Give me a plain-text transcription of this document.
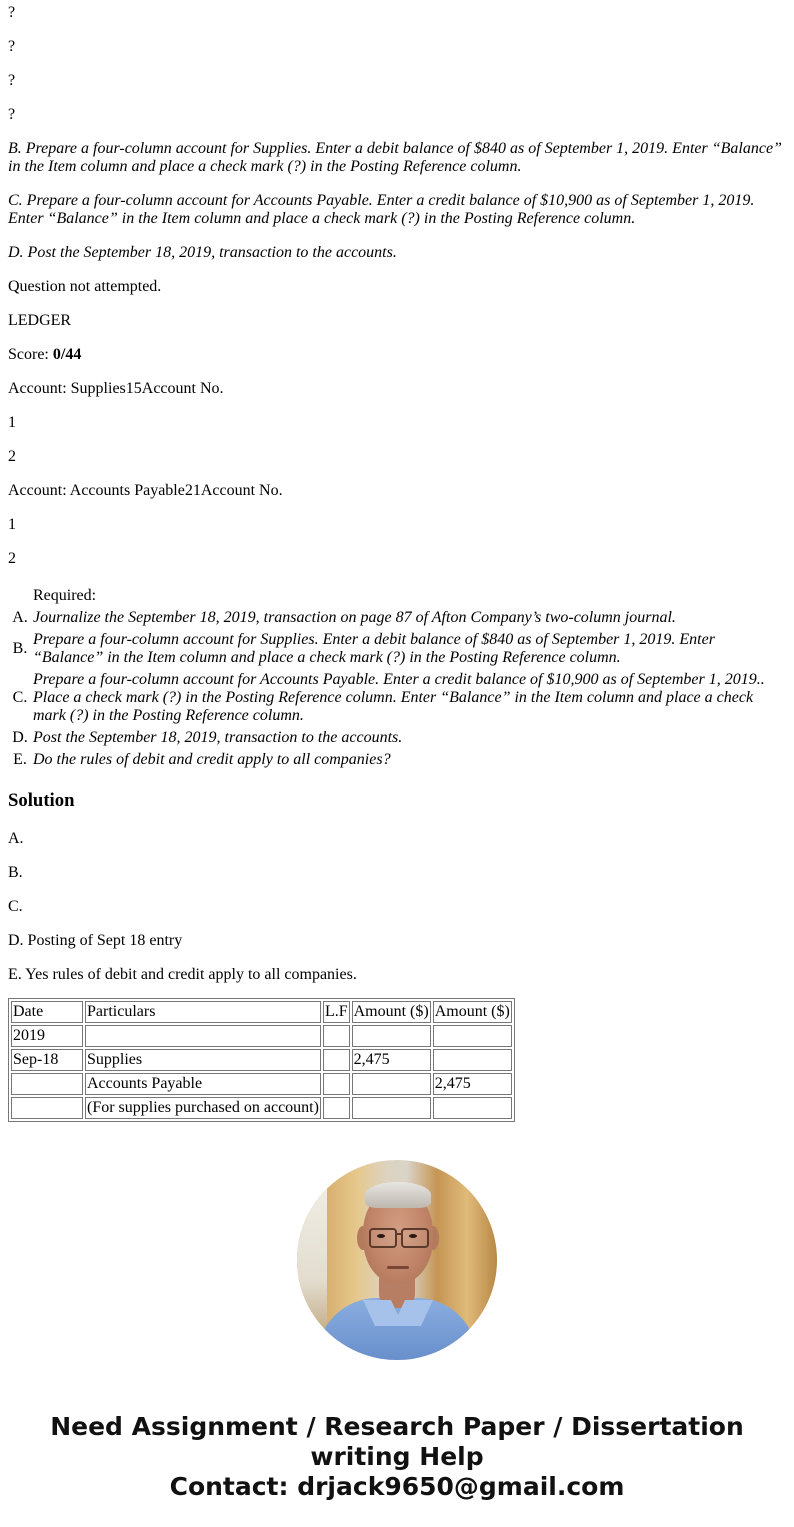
?

?

?

?

B. Prepare a four-column account for Supplies. Enter a debit balance of $840 as of September 1, 2019. Enter “Balance” in the Item column and place a check mark (?) in the Posting Reference column.

C. Prepare a four-column account for Accounts Payable. Enter a credit balance of $10,900 as of September 1, 2019. Enter “Balance” in the Item column and place a check mark (?) in the Posting Reference column.

D. Post the September 18, 2019, transaction to the accounts.

Question not attempted.

LEDGER

Score: 0/44

Account: Supplies15Account No.

1

2

Account: Accounts Payable21Account No.

1

2

	Required:
A.	Journalize the September 18, 2019, transaction on page 87 of Afton Company’s two-column journal.
B.	Prepare a four-column account for Supplies. Enter a debit balance of $840 as of September 1, 2019. Enter “Balance” in the Item column and place a check mark (?) in the Posting Reference column.
C.	Prepare a four-column account for Accounts Payable. Enter a credit balance of $10,900 as of September 1, 2019.. Place a check mark (?) in the Posting Reference column. Enter “Balance” in the Item column and place a check mark (?) in the Posting Reference column.
D.	Post the September 18, 2019, transaction to the accounts.
E.	Do the rules of debit and credit apply to all companies?
Solution

A.

B.

C.

D. Posting of Sept 18 entry

E. Yes rules of debit and credit apply to all companies.

Date	Particulars	L.F	Amount ($)	Amount ($)
2019				
Sep-18	Supplies		2,475	
	Accounts Payable			2,475
	(For supplies purchased on account)			
Need Assignment / Research Paper / Dissertation writing Help
Contact: drjack9650@gmail.com
